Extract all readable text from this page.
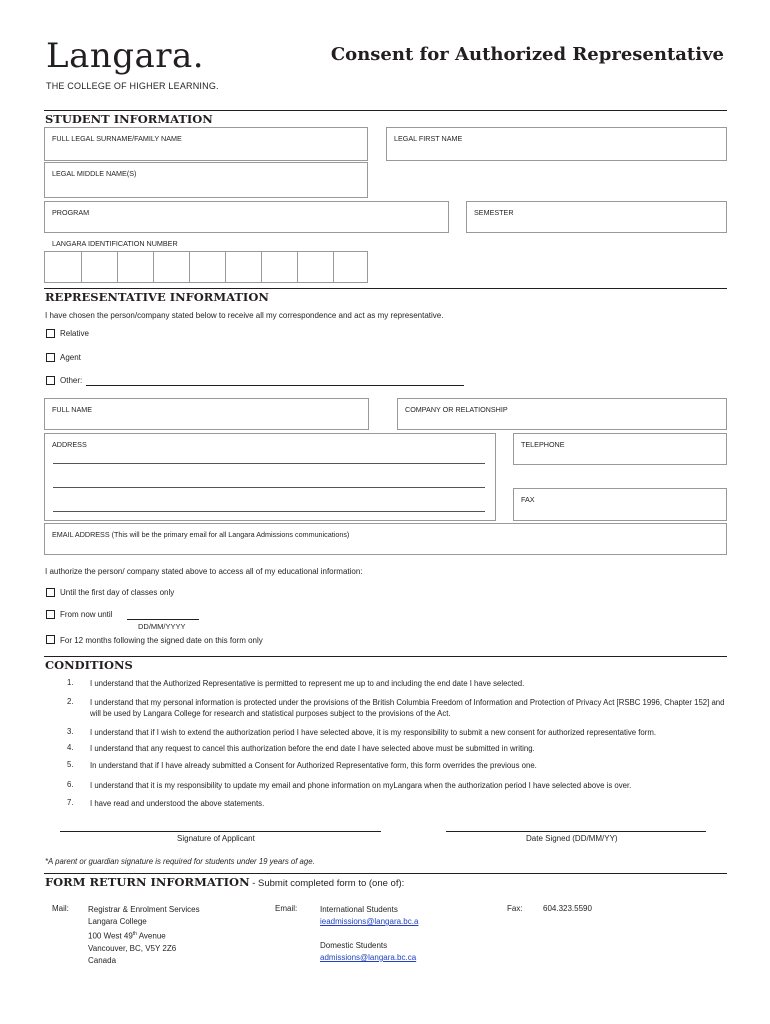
Langara.
THE COLLEGE OF HIGHER LEARNING.
Consent for Authorized Representative
STUDENT INFORMATION
FULL LEGAL SURNAME/FAMILY NAME	LEGAL FIRST NAME
LEGAL MIDDLE NAME(S)
PROGRAM	SEMESTER
LANGARA IDENTIFICATION NUMBER
REPRESENTATIVE INFORMATION
I have chosen the person/company stated below to receive all my correspondence and act as my representative.
Relative
Agent
Other:
FULL NAME	COMPANY OR RELATIONSHIP
ADDRESS	TELEPHONE
FAX
EMAIL ADDRESS (This will be the primary email for all Langara Admissions communications)
I authorize the person/ company stated above to access all of my educational information:
Until the first day of classes only
From now until
DD/MM/YYYY
For 12 months following the signed date on this form only
CONDITIONS
1. I understand that the Authorized Representative is permitted to represent me up to and including the end date I have selected.
2. I understand that my personal information is protected under the provisions of the British Columbia Freedom of Information and Protection of Privacy Act [RSBC 1996, Chapter 152] and will be used by Langara College for research and statistical purposes subject to the provisions of the Act.
3. I understand that if I wish to extend the authorization period I have selected above, it is my responsibility to submit a new consent for authorized representative form.
4. I understand that any request to cancel this authorization before the end date I have selected above must be submitted in writing.
5. In understand that if I have already submitted a Consent for Authorized Representative form, this form overrides the previous one.
6. I understand that it is my responsibility to update my email and phone information on myLangara when the authorization period I have selected above is over.
7. I have read and understood the above statements.
Signature of Applicant	Date Signed (DD/MM/YY)
*A parent or guardian signature is required for students under 19 years of age.
FORM RETURN INFORMATION - Submit completed form to (one of):
Mail: Registrar & Enrolment Services
Langara College
100 West 49th Avenue
Vancouver, BC, V5Y 2Z6
Canada
Email:	International Students
ieadmissions@langara.bc.a
Domestic Students
admissions@langara.bc.ca
Fax:	604.323.5590
